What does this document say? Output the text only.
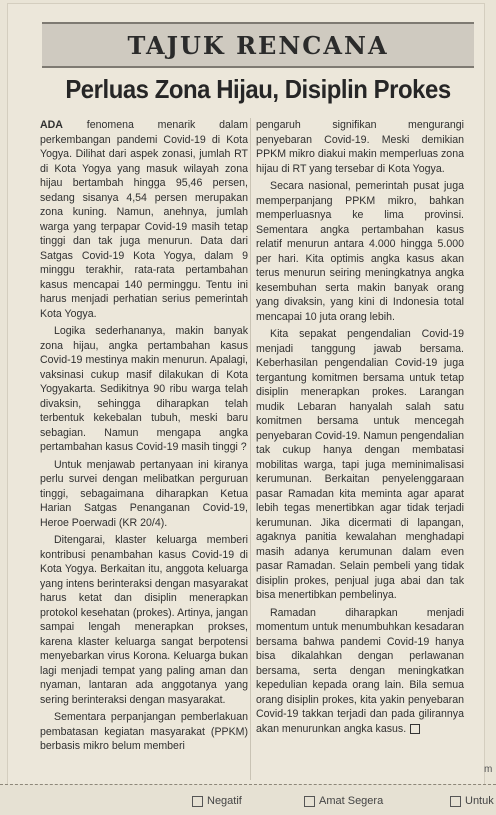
TAJUK RENCANA
Perluas Zona Hijau, Disiplin Prokes

ADA fenomena menarik dalam perkembangan pandemi Covid-19 di Kota Yogya. Dilihat dari aspek zonasi, jumlah RT di Kota Yogya yang masuk wilayah zona hijau bertambah hingga 95,46 persen, sedang sisanya 4,54 persen merupakan zona kuning. Namun, anehnya, jumlah warga yang terpapar Covid-19 masih tetap tinggi dan tak juga menurun. Data dari Satgas Covid-19 Kota Yogya, dalam 9 minggu terakhir, rata-rata pertambahan kasus mencapai 140 perminggu. Tentu ini harus menjadi perhatian serius pemerintah Kota Yogya.

Logika sederhananya, makin banyak zona hijau, angka pertambahan kasus Covid-19 mestinya makin menurun. Apalagi, vaksinasi cukup masif dilakukan di Kota Yogyakarta. Sedikitnya 90 ribu warga telah divaksin, sehingga diharapkan telah terbentuk kekebalan tubuh, meski baru sebagian. Namun mengapa angka pertambahan kasus Covid-19 masih tinggi ?

Untuk menjawab pertanyaan ini kiranya perlu survei dengan melibatkan perguruan tinggi, sebagaimana diharapkan Ketua Harian Satgas Penanganan Covid-19, Heroe Poerwadi (KR 20/4).

Ditengarai, klaster keluarga memberi kontribusi penambahan kasus Covid-19 di Kota Yogya. Berkaitan itu, anggota keluarga yang intens berinteraksi dengan masyarakat harus ketat dan disiplin menerapkan protokol kesehatan (prokes). Artinya, jangan sampai lengah menerapkan prokses, karena klaster keluarga sangat berpotensi menyebarkan virus Korona. Keluarga bukan lagi menjadi tempat yang paling aman dan nyaman, lantaran ada anggotanya yang sering berinteraksi dengan masyarakat.

Sementara perpanjangan pemberlakuan pembatasan kegiatan masyarakat (PPKM) berbasis mikro belum memberi

pengaruh signifikan mengurangi penyebaran Covid-19. Meski demikian PPKM mikro diakui makin memperluas zona hijau di RT yang tersebar di Kota Yogya.

Secara nasional, pemerintah pusat juga memperpanjang PPKM mikro, bahkan memperluasnya ke lima provinsi. Sementara angka pertambahan kasus relatif menurun antara 4.000 hingga 5.000 per hari. Kita optimis angka kasus akan terus menurun seiring meningkatnya angka kesembuhan serta makin banyak orang yang divaksin, yang kini di Indonesia total mencapai 10 juta orang lebih.

Kita sepakat pengendalian Covid-19 menjadi tanggung jawab bersama. Keberhasilan pengendalian Covid-19 juga tergantung komitmen bersama untuk tetap disiplin menerapkan prokes. Larangan mudik Lebaran hanyalah salah satu komitmen bersama untuk mencegah penyebaran Covid-19. Namun pengendalian tak cukup hanya dengan membatasi mobilitas warga, tapi juga meminimalisasi kerumunan. Berkaitan penyelenggaraan pasar Ramadan kita meminta agar aparat lebih tegas menertibkan agar tidak terjadi kerumunan. Jika dicermati di lapangan, agaknya panitia kewalahan menghadapi masih adanya kerumunan dalam even pasar Ramadan. Selain pembeli yang tidak disiplin prokes, penjual juga abai dan tak bisa menertibkan pembelinya.

Ramadan diharapkan menjadi momentum untuk menumbuhkan kesadaran bersama bahwa pandemi Covid-19 hanya bisa dikalahkan dengan perlawanan bersama, serta dengan meningkatkan kepedulian kepada orang lain. Bila semua orang disiplin prokes, kita yakin penyebaran Covid-19 takkan terjadi dan pada gilirannya akan menurunkan angka kasus.

m
Negatif	Amat Segera	Untuk
